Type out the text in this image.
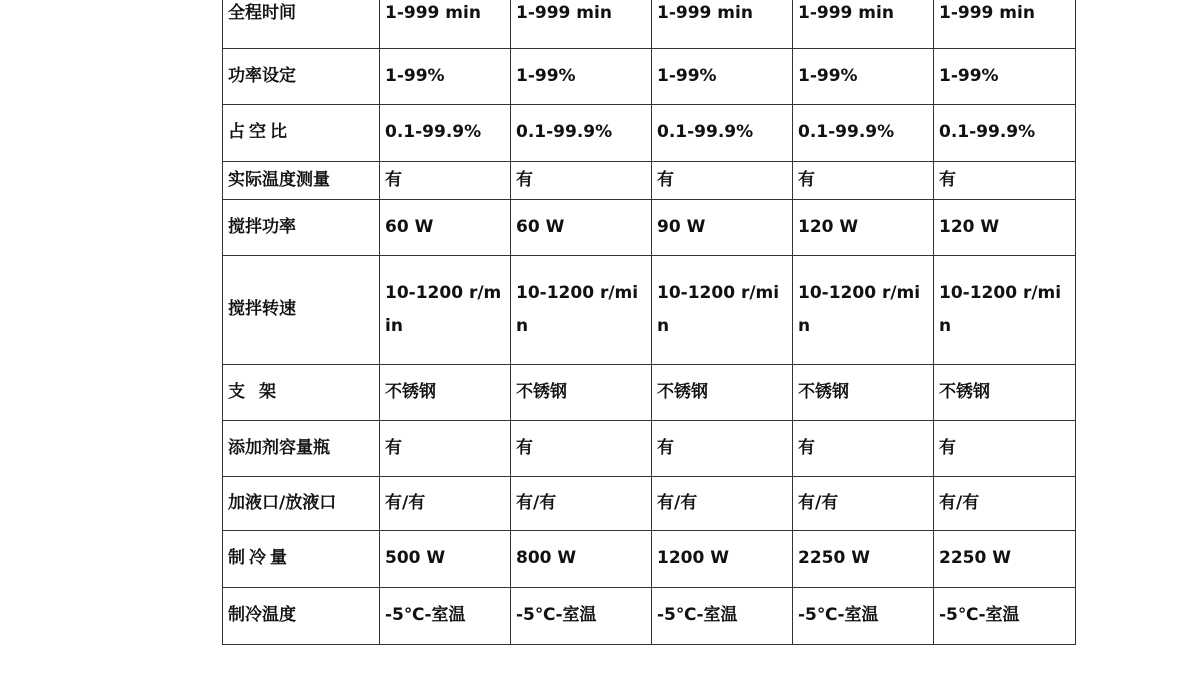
全程时间	1-999 min	1-999 min	1-999 min	1-999 min	1-999 min
功率设定	1-99%	1-99%	1-99%	1-99%	1-99%
占空比	0.1-99.9%	0.1-99.9%	0.1-99.9%	0.1-99.9%	0.1-99.9%
实际温度测量	有	有	有	有	有
搅拌功率	60 W	60 W	90 W	120 W	120 W
搅拌转速	10-1200 r/min	10-1200 r/min	10-1200 r/min	10-1200 r/min	10-1200 r/min
支架	不锈钢	不锈钢	不锈钢	不锈钢	不锈钢
添加剂容量瓶	有	有	有	有	有
加液口/放液口	有/有	有/有	有/有	有/有	有/有
制冷量	500 W	800 W	1200 W	2250 W	2250 W
制冷温度	-5℃-室温	-5℃-室温	-5℃-室温	-5℃-室温	-5℃-室温
